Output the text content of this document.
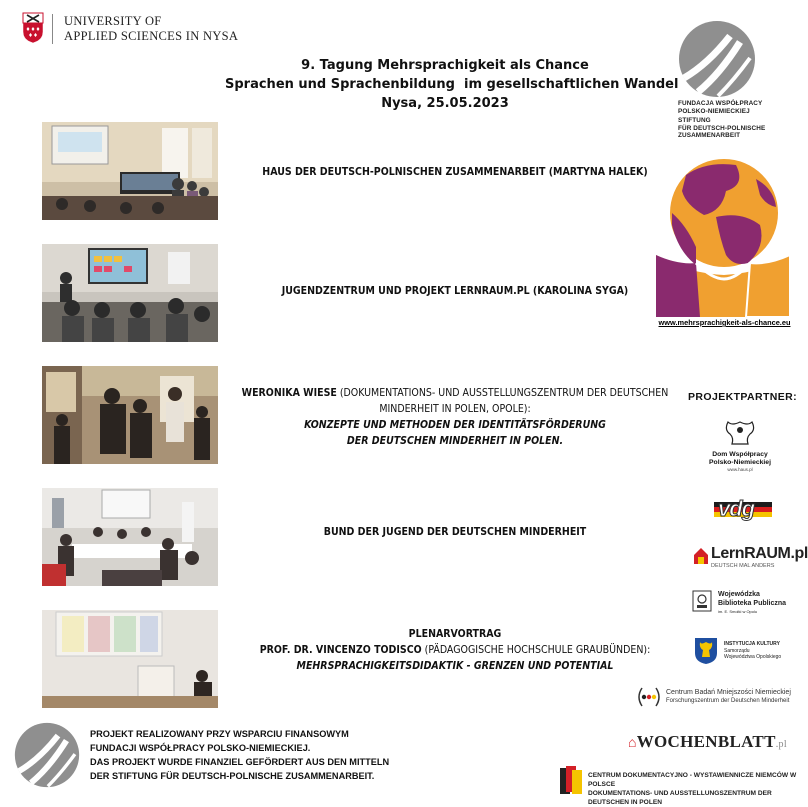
UNIVERSITY OF
APPLIED SCIENCES IN NYSA
9. Tagung Mehrsprachigkeit als Chance
Sprachen und Sprachenbildung  im gesellschaftlichen Wandel
Nysa, 25.05.2023	FUNDACJA WSPÓŁPRACY
POLSKO-NIEMIECKIEJ
STIFTUNG
FÜR DEUTSCH-POLNISCHE
ZUSAMMENARBEIT
HAUS DER DEUTSCH-POLNISCHEN ZUSAMMENARBEIT (MARTYNA HALEK)
JUGENDZENTRUM UND PROJEKT LERNRAUM.PL (KAROLINA SYGA)
WERONIKA WIESE (DOKUMENTATIONS- UND AUSSTELLUNGSZENTRUM DER DEUTSCHEN
MINDERHEIT IN POLEN, OPOLE):
KONZEPTE UND METHODEN DER IDENTITÄTSFÖRDERUNG
DER DEUTSCHEN MINDERHEIT IN POLEN.
BUND DER JUGEND DER DEUTSCHEN MINDERHEIT
PLENARVORTRAG
PROF. DR. VINCENZO TODISCO (PÄDAGOGISCHE HOCHSCHULE GRAUBÜNDEN):
MEHRSPRACHIGKEITSDIDAKTIK - GRENZEN UND POTENTIAL
www.mehrsprachigkeit-als-chance.eu
PROJEKTPARTNER:
Dom Współpracy
Polsko-Niemieckiej
www.haus.pl
vdg
LernRAUM.pl
DEUTSCH MAL ANDERS
Wojewódzka
Biblioteka Publiczna
im. E. Smołki w Opolu
INSTYTUCJA KULTURY
Samorządu
Województwa Opolskiego
Centrum Badań Mniejszości Niemieckiej
Forschungszentrum der Deutschen Minderheit
PROJEKT REALIZOWANY PRZY WSPARCIU FINANSOWYM
FUNDACJI WSPÓŁPRACY POLSKO-NIEMIECKIEJ.
DAS PROJEKT WURDE FINANZIEL GEFÖRDERT AUS DEN MITTELN
DER STIFTUNG FÜR DEUTSCH-POLNISCHE ZUSAMMENARBEIT.
⌂WOCHENBLATT.pl
CENTRUM DOKUMENTACYJNO - WYSTAWIENNICZE NIEMCÓW W POLSCE
DOKUMENTATIONS- UND AUSSTELLUNGSZENTRUM DER DEUTSCHEN IN POLEN
